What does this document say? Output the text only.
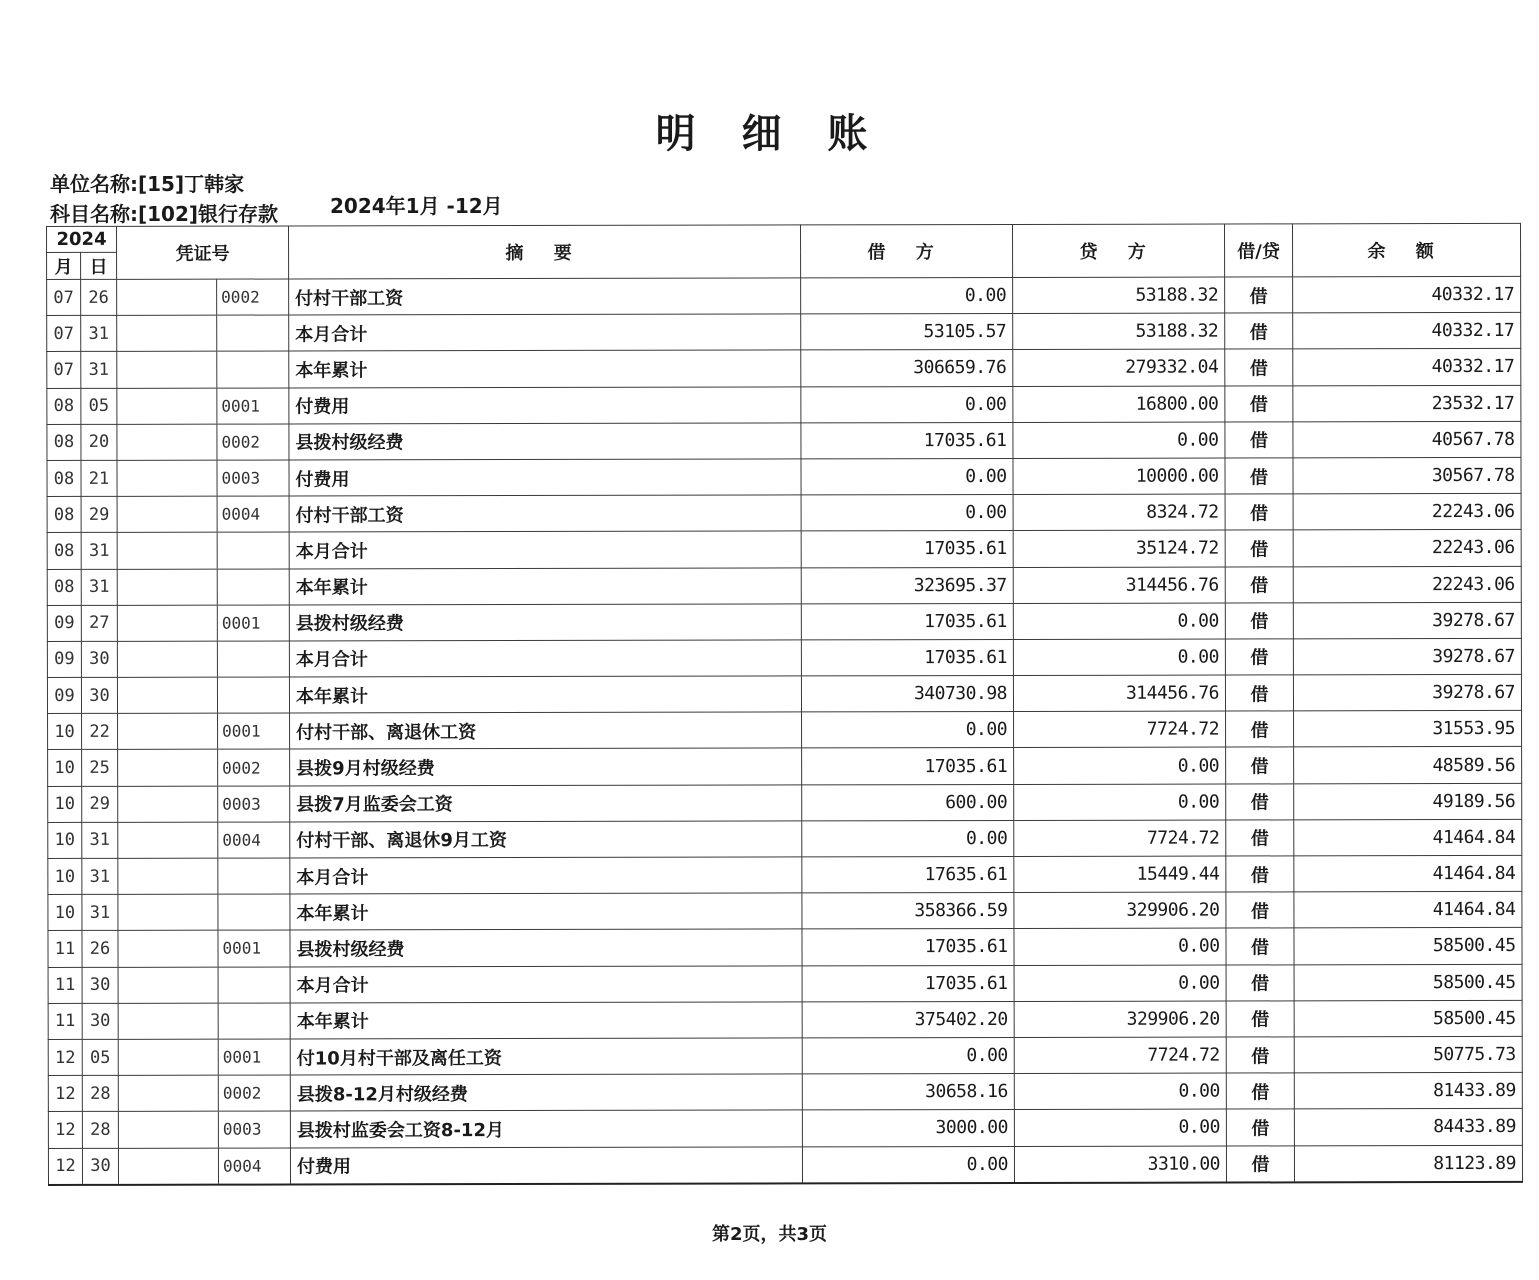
明 细 账
单位名称:[15]丁韩家
科目名称:[102]银行存款	2024年1月 -12月
2024		凭证号		摘 要	借 方	贷 方	借/贷	余 额
月	日							
07	26		0002	付村干部工资	0.00	53188.32	借	40332.17
07	31			本月合计	53105.57	53188.32	借	40332.17
07	31			本年累计	306659.76	279332.04	借	40332.17
08	05		0001	付费用	0.00	16800.00	借	23532.17
08	20		0002	县拨村级经费	17035.61	0.00	借	40567.78
08	21		0003	付费用	0.00	10000.00	借	30567.78
08	29		0004	付村干部工资	0.00	8324.72	借	22243.06
08	31			本月合计	17035.61	35124.72	借	22243.06
08	31			本年累计	323695.37	314456.76	借	22243.06
09	27		0001	县拨村级经费	17035.61	0.00	借	39278.67
09	30			本月合计	17035.61	0.00	借	39278.67
09	30			本年累计	340730.98	314456.76	借	39278.67
10	22		0001	付村干部、离退休工资	0.00	7724.72	借	31553.95
10	25		0002	县拨9月村级经费	17035.61	0.00	借	48589.56
10	29		0003	县拨7月监委会工资	600.00	0.00	借	49189.56
10	31		0004	付村干部、离退休9月工资	0.00	7724.72	借	41464.84
10	31			本月合计	17635.61	15449.44	借	41464.84
10	31			本年累计	358366.59	329906.20	借	41464.84
11	26		0001	县拨村级经费	17035.61	0.00	借	58500.45
11	30			本月合计	17035.61	0.00	借	58500.45
11	30			本年累计	375402.20	329906.20	借	58500.45
12	05		0001	付10月村干部及离任工资	0.00	7724.72	借	50775.73
12	28		0002	县拨8-12月村级经费	30658.16	0.00	借	81433.89
12	28		0003	县拨村监委会工资8-12月	3000.00	0.00	借	84433.89
12	30		0004	付费用	0.00	3310.00	借	81123.89
第2页，共3页
